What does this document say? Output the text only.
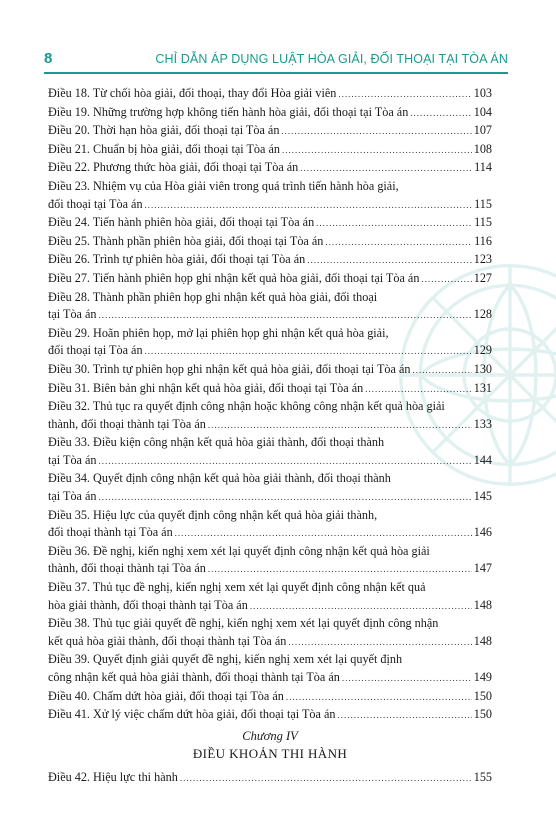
8	CHỈ DẪN ÁP DỤNG LUẬT HÒA GIẢI, ĐỐI THOẠI TẠI TÒA ÁN
Điều 18. Từ chối hòa giải, đối thoại, thay đổi Hòa giải viên .....	103
Điều 19. Những trường hợp không tiến hành hòa giải, đối thoại tại Tòa án .....	104
Điều 20. Thời hạn hòa giải, đối thoại tại Tòa án .....	107
Điều 21. Chuẩn bị hòa giải, đối thoại tại Tòa án .....	108
Điều 22. Phương thức hòa giải, đối thoại tại Tòa án .....	114
Điều 23. Nhiệm vụ của Hòa giải viên trong quá trình tiến hành hòa giải,
đối thoại tại Tòa án .....	115
Điều 24. Tiến hành phiên hòa giải, đối thoại tại Tòa án .....	115
Điều 25. Thành phần phiên hòa giải, đối thoại tại Tòa án .....	116
Điều 26. Trình tự phiên hòa giải, đối thoại tại Tòa án .....	123
Điều 27. Tiến hành phiên họp ghi nhận kết quả hòa giải, đối thoại tại Tòa án .....	127
Điều 28. Thành phần phiên họp ghi nhận kết quả hòa giải, đối thoại
tại Tòa án .....	128
Điều 29. Hoãn phiên họp, mở lại phiên họp ghi nhận kết quả hòa giải,
đối thoại tại Tòa án .....	129
Điều 30. Trình tự phiên họp ghi nhận kết quả hòa giải, đối thoại tại Tòa án .....	130
Điều 31. Biên bản ghi nhận kết quả hòa giải, đối thoại tại Tòa án .....	131
Điều 32. Thủ tục ra quyết định công nhận hoặc không công nhận kết quả hòa giải
thành, đối thoại thành tại Tòa án .....	133
Điều 33. Điều kiện công nhận kết quả hòa giải thành, đối thoại thành
tại Tòa án .....	144
Điều 34. Quyết định công nhận kết quả hòa giải thành, đối thoại thành
tại Tòa án .....	145
Điều 35. Hiệu lực của quyết định công nhận kết quả hòa giải thành,
đối thoại thành tại Tòa án .....	146
Điều 36. Đề nghị, kiến nghị xem xét lại quyết định công nhận kết quả hòa giải
thành, đối thoại thành tại Tòa án .....	147
Điều 37. Thủ tục đề nghị, kiến nghị xem xét lại quyết định công nhận kết quả
hòa giải thành, đối thoại thành tại Tòa án .....	148
Điều 38. Thủ tục giải quyết đề nghị, kiến nghị xem xét lại quyết định công nhận
kết quả hòa giải thành, đối thoại thành tại Tòa án .....	148
Điều 39. Quyết định giải quyết đề nghị, kiến nghị xem xét lại quyết định
công nhận kết quả hòa giải thành, đối thoại thành tại Tòa án .....	149
Điều 40. Chấm dứt hòa giải, đối thoại tại Tòa án .....	150
Điều 41. Xử lý việc chấm dứt hòa giải, đối thoại tại Tòa án .....	150
Chương IV
ĐIỀU KHOẢN THI HÀNH
Điều 42. Hiệu lực thi hành .....	155
